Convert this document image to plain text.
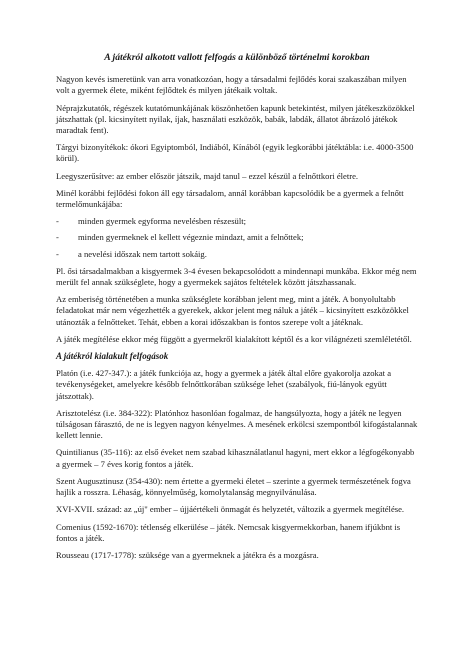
A játékról alkotott vallott felfogás a különböző történelmi korokban

Nagyon kevés ismeretünk van arra vonatkozóan, hogy a társadalmi fejlődés korai szakaszában milyen volt a gyermek élete, miként fejlődtek és milyen játékaik voltak.

Néprajzkutatók, régészek kutatómunkájának köszönhetően kapunk betekintést, milyen játékeszközökkel játszhattak (pl. kicsinyített nyilak, íjak, használati eszközök, babák, labdák, állatot ábrázoló játékok maradtak fent).

Tárgyi bizonyítékok: ókori Egyiptomból, Indiából, Kínából (egyik legkorábbi játéktábla: i.e. 4000-3500 körül).

Leegyszerűsítve: az ember először játszik, majd tanul – ezzel készül a felnőttkori életre.

Minél korábbi fejlődési fokon áll egy társadalom, annál korábban kapcsolódik be a gyermek a felnőtt termelőmunkájába:

-	minden gyermek egyforma nevelésben részesült;
-	minden gyermeknek el kellett végeznie mindazt, amit a felnőttek;
-	a nevelési időszak nem tartott sokáig.

Pl. ősi társadalmakban a kisgyermek 3-4 évesen bekapcsolódott a mindennapi munkába. Ekkor még nem merült fel annak szükséglete, hogy a gyermekek sajátos feltételek között játszhassanak.

Az emberiség történetében a munka szükséglete korábban jelent meg, mint a játék. A bonyolultabb feladatokat már nem végezhették a gyerekek, akkor jelent meg náluk a játék – kicsinyített eszközökkel utánozták a felnőtteket. Tehát, ebben a korai időszakban is fontos szerepe volt a játéknak.

A játék megítélése ekkor még függött a gyermekről kialakított képtől és a kor világnézeti szemléletétől.

A játékról kialakult felfogások

Platón (i.e. 427-347.): a játék funkciója az, hogy a gyermek a játék által előre gyakorolja azokat a tevékenységeket, amelyekre később felnőttkorában szüksége lehet (szabályok, fiú-lányok együtt játszottak).

Arisztotelész (i.e. 384-322): Platónhoz hasonlóan fogalmaz, de hangsúlyozta, hogy a játék ne legyen túlságosan fárasztó, de ne is legyen nagyon kényelmes. A mesének erkölcsi szempontból kifogástalannak kellett lennie.

Quintilianus (35-116): az első éveket nem szabad kihasználatlanul hagyni, mert ekkor a légfogékonyabb a gyermek – 7 éves korig fontos a játék.

Szent Augusztinusz (354-430): nem értette a gyermeki életet – szerinte a gyermek természetének fogva hajlik a rosszra. Léhaság, könnyelműség, komolytalanság megnyilvánulása.

XVI-XVII. század: az „új" ember – újjáértékeli önmagát és helyzetét, változik a gyermek megítélése.

Comenius (1592-1670): tétlenség elkerülése – játék. Nemcsak kisgyermekkorban, hanem ifjúkbnt is fontos a játék.

Rousseau (1717-1778): szüksége van a gyermeknek a játékra és a mozgásra.
